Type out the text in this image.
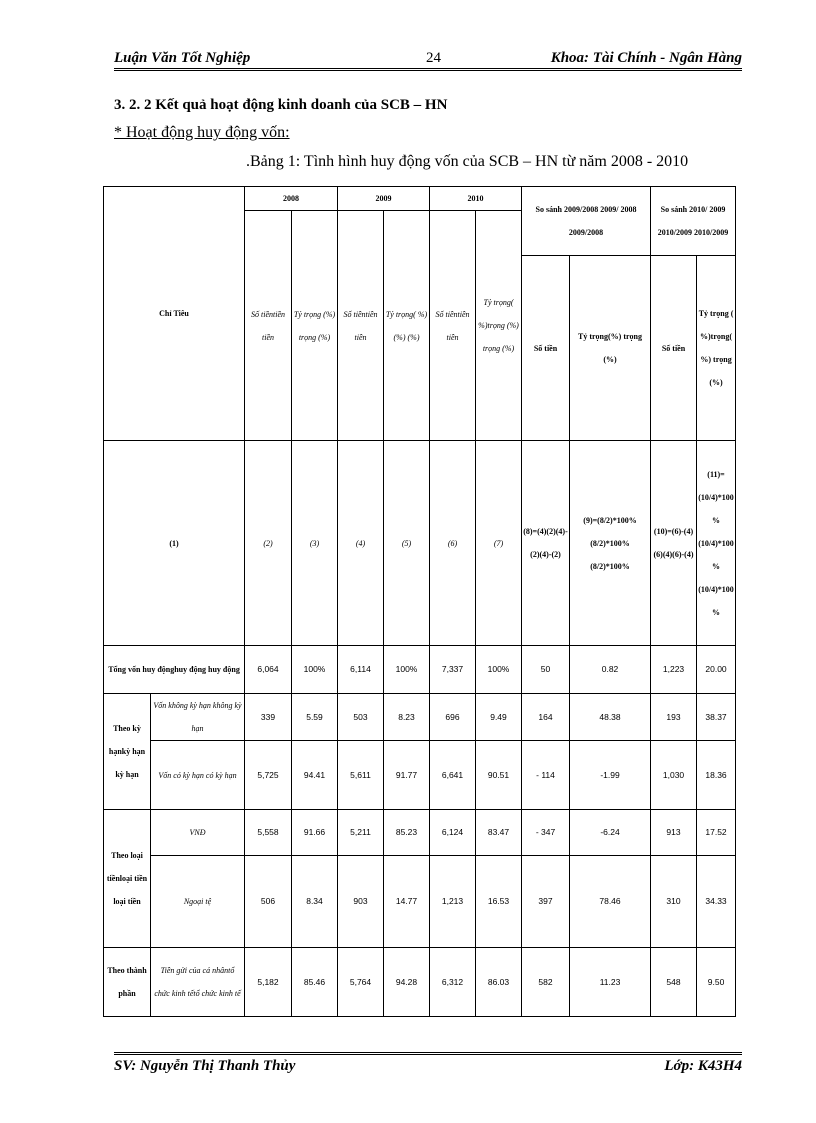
Luận Văn Tốt Nghiệp	24	Khoa: Tài Chính - Ngân Hàng
3. 2. 2 Kết quả hoạt động kinh doanh của SCB – HN
* Hoạt động huy động vốn:
.Bảng 1: Tình hình huy động vốn của SCB – HN từ năm 2008 - 2010
Chỉ Tiêu		2008		2009		2010		So sánh 2009/2008 2009/ 2008 2009/2008		So sánh 2010/ 2009 2010/2009 2010/2009	
		Số tiềntiền tiền	Tỷ trọng (%) trọng (%)	Số tiềntiền tiền	Tỷ trọng( %)(%) (%)	Số tiềntiền tiền	Tỷ trọng( %)trọng (%) trọng (%)				
								Số tiền	Tỷ trọng(%) trọng (%)	Số tiền	Tỷ trọng ( %)trọng( %) trọng (%)
(1)		(2)	(3)	(4)	(5)	(6)	(7)	(8)=(4)(2)(4)-(2)(4)-(2)	(9)=(8/2)*100%(8/2)*100%(8/2)*100%	(10)=(6)-(4)(6)(4)(6)-(4)	(11)=(10/4)*100%(10/4)*100%(10/4)*100%
Tổng vốn huy độnghuy động huy động		6,064	100%	6,114	100%	7,337	100%	50	0.82	1,223	20.00
Theo kỳ hạnkỳ hạn kỳ hạn	Vốn không kỳ hạn không kỳ hạn	339	5.59	503	8.23	696	9.49	164	48.38	193	38.37
	Vốn có kỳ hạn có kỳ hạn	5,725	94.41	5,611	91.77	6,641	90.51	- 114	-1.99	1,030	18.36
Theo loại tiềnloại tiền loại tiền	VNĐ	5,558	91.66	5,211	85.23	6,124	83.47	- 347	-6.24	913	17.52
	Ngoại tệ	506	8.34	903	14.77	1,213	16.53	397	78.46	310	34.33
Theo thành phần	Tiền gửi của cá nhântổ chức kinh tếtổ chức kinh tế	5,182	85.46	5,764	94.28	6,312	86.03	582	11.23	548	9.50
SV: Nguyễn Thị Thanh Thủy	Lớp: K43H4
